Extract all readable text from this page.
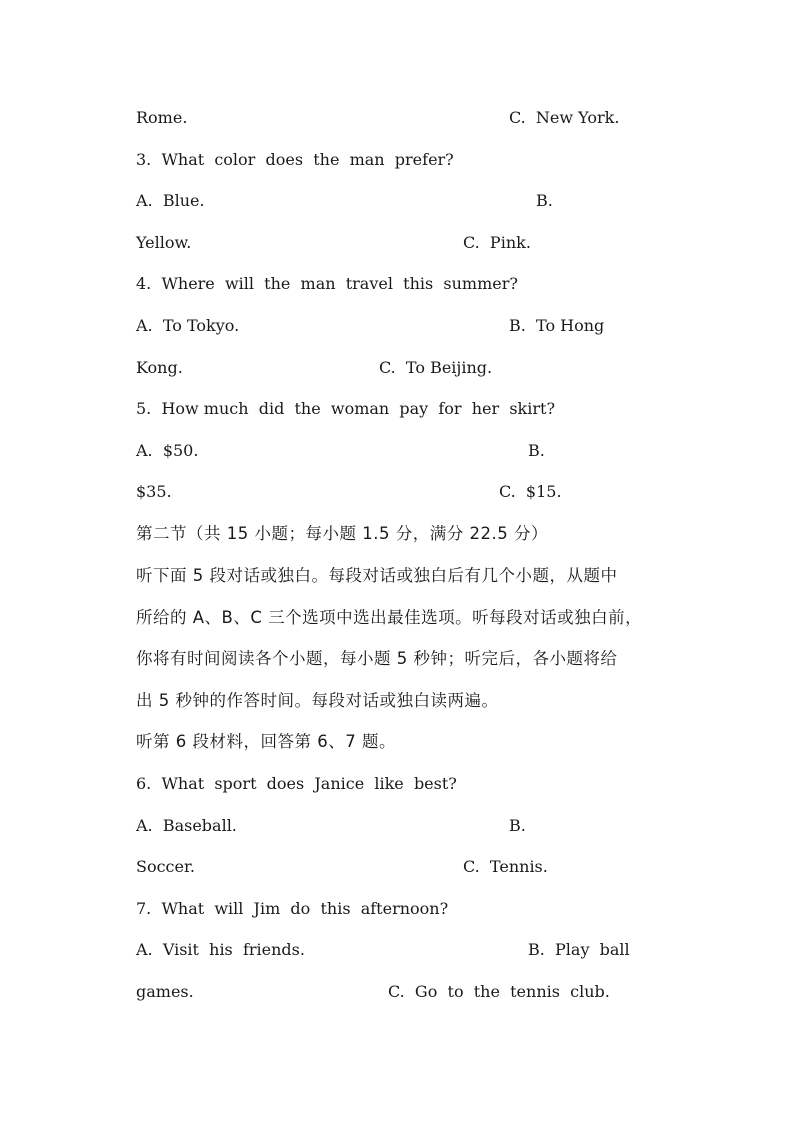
Rome.	C.  New York.
3.  What  color  does  the  man  prefer?
A.  Blue.	B.
Yellow.	C.  Pink.
4.  Where  will  the  man  travel  this  summer?
A.  To Tokyo.	B.  To Hong
Kong.	C.  To Beijing.
5.  How much  did  the  woman  pay  for  her  skirt?
A.  $50.	B.
$35.	C.  $15.
第二节（共 15 小题；每小题 1.5 分，满分 22.5 分）
听下面 5 段对话或独白。每段对话或独白后有几个小题，从题中
所给的 A、B、C 三个选项中选出最佳选项。听每段对话或独白前，
你将有时间阅读各个小题，每小题 5 秒钟；听完后，各小题将给
出 5 秒钟的作答时间。每段对话或独白读两遍。
听第 6 段材料，回答第 6、7 题。
6.  What  sport  does  Janice  like  best?
A.  Baseball.	B.
Soccer.	C.  Tennis.
7.  What  will  Jim  do  this  afternoon?
A.  Visit  his  friends.	B.  Play  ball
games.	C.  Go  to  the  tennis  club.
